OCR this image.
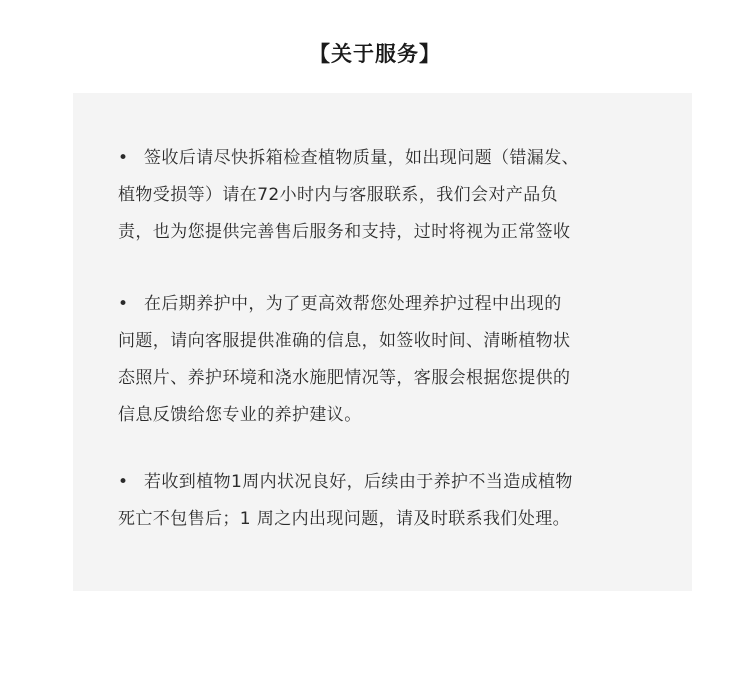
【关于服务】
• 签收后请尽快拆箱检查植物质量，如出现问题（错漏发、
植物受损等）请在72小时内与客服联系，我们会对产品负
责，也为您提供完善售后服务和支持，过时将视为正常签收
• 在后期养护中，为了更高效帮您处理养护过程中出现的
问题，请向客服提供准确的信息，如签收时间、清晰植物状
态照片、养护环境和浇水施肥情况等，客服会根据您提供的
信息反馈给您专业的养护建议。
• 若收到植物1周内状况良好，后续由于养护不当造成植物
死亡不包售后；1 周之内出现问题，请及时联系我们处理。
